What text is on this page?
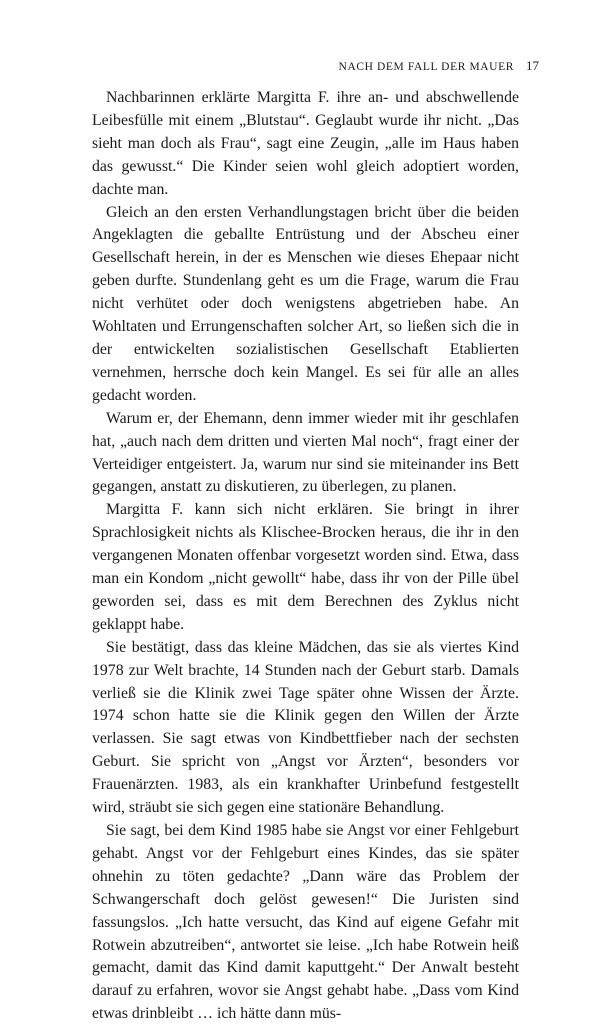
NACH DEM FALL DER MAUER 17

Nachbarinnen erklärte Margitta F. ihre an- und abschwellende Leibesfülle mit einem „Blutstau“. Geglaubt wurde ihr nicht. „Das sieht man doch als Frau“, sagt eine Zeugin, „alle im Haus haben das gewusst.“ Die Kinder seien wohl gleich adoptiert worden, dachte man.

Gleich an den ersten Verhandlungstagen bricht über die beiden Angeklagten die geballte Entrüstung und der Abscheu einer Gesellschaft herein, in der es Menschen wie dieses Ehepaar nicht geben durfte. Stundenlang geht es um die Frage, warum die Frau nicht verhütet oder doch wenigstens abgetrieben habe. An Wohltaten und Errungenschaften solcher Art, so ließen sich die in der entwickelten sozialistischen Gesellschaft Etablierten vernehmen, herrsche doch kein Mangel. Es sei für alle an alles gedacht worden.

Warum er, der Ehemann, denn immer wieder mit ihr geschlafen hat, „auch nach dem dritten und vierten Mal noch“, fragt einer der Verteidiger entgeistert. Ja, warum nur sind sie miteinander ins Bett gegangen, anstatt zu diskutieren, zu überlegen, zu planen.

Margitta F. kann sich nicht erklären. Sie bringt in ihrer Sprachlosigkeit nichts als Klischee-Brocken heraus, die ihr in den vergangenen Monaten offenbar vorgesetzt worden sind. Etwa, dass man ein Kondom „nicht gewollt“ habe, dass ihr von der Pille übel geworden sei, dass es mit dem Berechnen des Zyklus nicht geklappt habe.

Sie bestätigt, dass das kleine Mädchen, das sie als viertes Kind 1978 zur Welt brachte, 14 Stunden nach der Geburt starb. Damals verließ sie die Klinik zwei Tage später ohne Wissen der Ärzte. 1974 schon hatte sie die Klinik gegen den Willen der Ärzte verlassen. Sie sagt etwas von Kindbettfieber nach der sechsten Geburt. Sie spricht von „Angst vor Ärzten“, besonders vor Frauenärzten. 1983, als ein krankhafter Urinbefund festgestellt wird, sträubt sie sich gegen eine stationäre Behandlung.

Sie sagt, bei dem Kind 1985 habe sie Angst vor einer Fehlgeburt gehabt. Angst vor der Fehlgeburt eines Kindes, das sie später ohnehin zu töten gedachte? „Dann wäre das Problem der Schwangerschaft doch gelöst gewesen!“ Die Juristen sind fassungslos. „Ich hatte versucht, das Kind auf eigene Gefahr mit Rotwein abzutreiben“, antwortet sie leise. „Ich habe Rotwein heiß gemacht, damit das Kind damit kaputtgeht.“ Der Anwalt besteht darauf zu erfahren, wovor sie Angst gehabt habe. „Dass vom Kind etwas drinbleibt … ich hätte dann müs-
